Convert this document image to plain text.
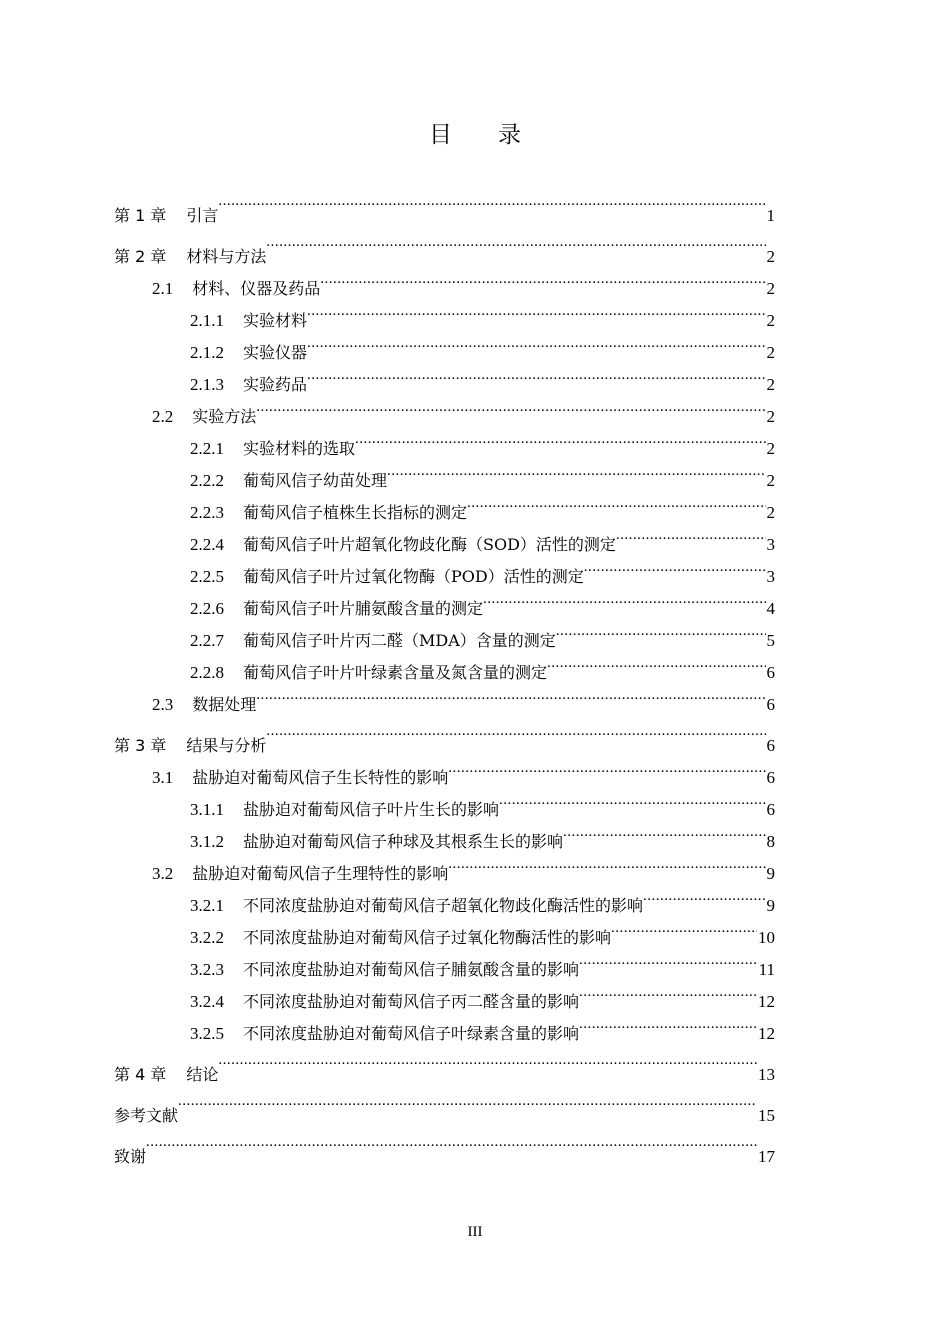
目 录
第 1 章 引言 .....	1
第 2 章 材料与方法 .....	2
2.1 材料、仪器及药品 .....	2
2.1.1 实验材料 .....	2
2.1.2 实验仪器 .....	2
2.1.3 实验药品 .....	2
2.2 实验方法 .....	2
2.2.1 实验材料的选取 .....	2
2.2.2 葡萄风信子幼苗处理 .....	2
2.2.3 葡萄风信子植株生长指标的测定 .....	2
2.2.4 葡萄风信子叶片超氧化物歧化酶（SOD）活性的测定 .....	3
2.2.5 葡萄风信子叶片过氧化物酶（POD）活性的测定 .....	3
2.2.6 葡萄风信子叶片脯氨酸含量的测定 .....	4
2.2.7 葡萄风信子叶片丙二醛（MDA）含量的测定 .....	5
2.2.8 葡萄风信子叶片叶绿素含量及氮含量的测定 .....	6
2.3 数据处理 .....	6
第 3 章 结果与分析 .....	6
3.1 盐胁迫对葡萄风信子生长特性的影响 .....	6
3.1.1 盐胁迫对葡萄风信子叶片生长的影响 .....	6
3.1.2 盐胁迫对葡萄风信子种球及其根系生长的影响 .....	8
3.2 盐胁迫对葡萄风信子生理特性的影响 .....	9
3.2.1 不同浓度盐胁迫对葡萄风信子超氧化物歧化酶活性的影响 .....	9
3.2.2 不同浓度盐胁迫对葡萄风信子过氧化物酶活性的影响 .....	10
3.2.3 不同浓度盐胁迫对葡萄风信子脯氨酸含量的影响 .....	11
3.2.4 不同浓度盐胁迫对葡萄风信子丙二醛含量的影响 .....	12
3.2.5 不同浓度盐胁迫对葡萄风信子叶绿素含量的影响 .....	12
第 4 章 结论 .....	13
参考文献 .....	15
致谢 .....	17
III
